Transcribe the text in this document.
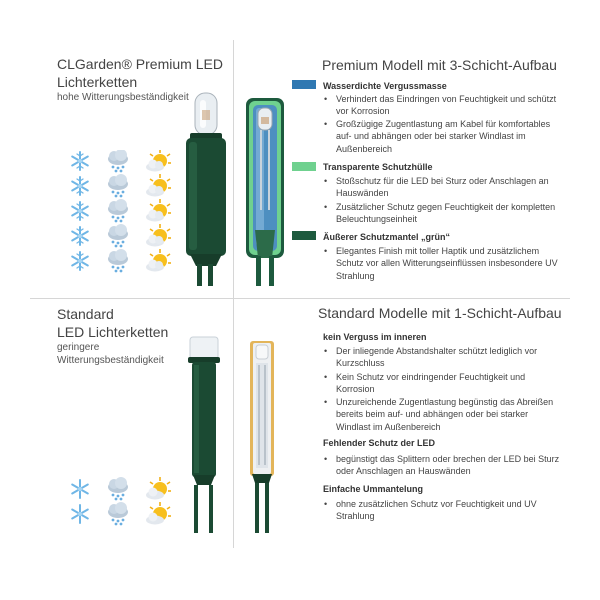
CLGarden® Premium LED
Lichterketten
hohe Witterungsbeständigkeit
Premium Modell mit 3-Schicht-Aufbau
Wasserdichte Vergussmasse
• Verhindert das Eindringen von Feuchtigkeit und schützt vor Korrosion
• Großzügige Zugentlastung am Kabel für komfortables auf- und abhängen oder bei starker Windlast im Außenbereich
Transparente Schutzhülle
• Stoßschutz für die LED bei Sturz oder Anschlagen an Hauswänden
• Zusätzlicher Schutz gegen Feuchtigkeit der kompletten Beleuchtungseinheit
Äußerer Schutzmantel „grün“
• Elegantes Finish mit toller Haptik und zusätzlichem Schutz vor allen Witterungseinflüssen insbesondere UV Strahlung
Standard
LED Lichterketten
geringere
Witterungsbeständigkeit
Standard Modelle mit 1-Schicht-Aufbau
kein Verguss im inneren
• Der inliegende Abstandshalter schützt lediglich vor Kurzschluss
• Kein Schutz vor eindringender Feuchtigkeit und Korrosion
• Unzureichende Zugentlastung begünstig das Abreißen bereits beim auf- und abhängen oder bei starker Windlast im Außenbereich
Fehlender Schutz der LED
• begünstigt das Splittern oder brechen der LED bei Sturz oder Anschlagen an Hauswänden
Einfache Ummantelung
• ohne zusätzlichen Schutz vor Feuchtigkeit und UV Strahlung
